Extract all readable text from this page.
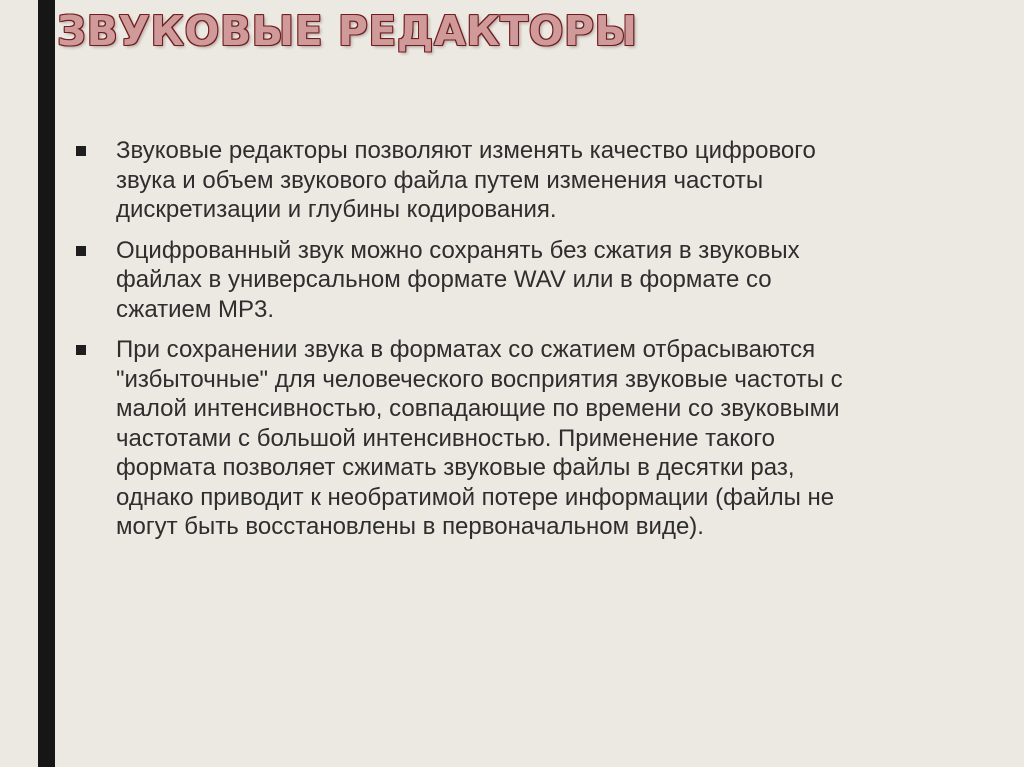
ЗВУКОВЫЕ РЕДАКТОРЫ
Звуковые редакторы позволяют изменять качество цифрового
звука и объем звукового файла путем изменения частоты
дискретизации и глубины кодирования.
Оцифрованный звук можно сохранять без сжатия в звуковых
файлах в универсальном формате WAV или в формате со
сжатием MP3.
При сохранении звука в форматах со сжатием отбрасываются
"избыточные" для человеческого восприятия звуковые частоты с
малой интенсивностью, совпадающие по времени со звуковыми
частотами с большой интенсивностью. Применение такого
формата позволяет сжимать звуковые файлы в десятки раз,
однако приводит к необратимой потере информации (файлы не
могут быть восстановлены в первоначальном виде).
